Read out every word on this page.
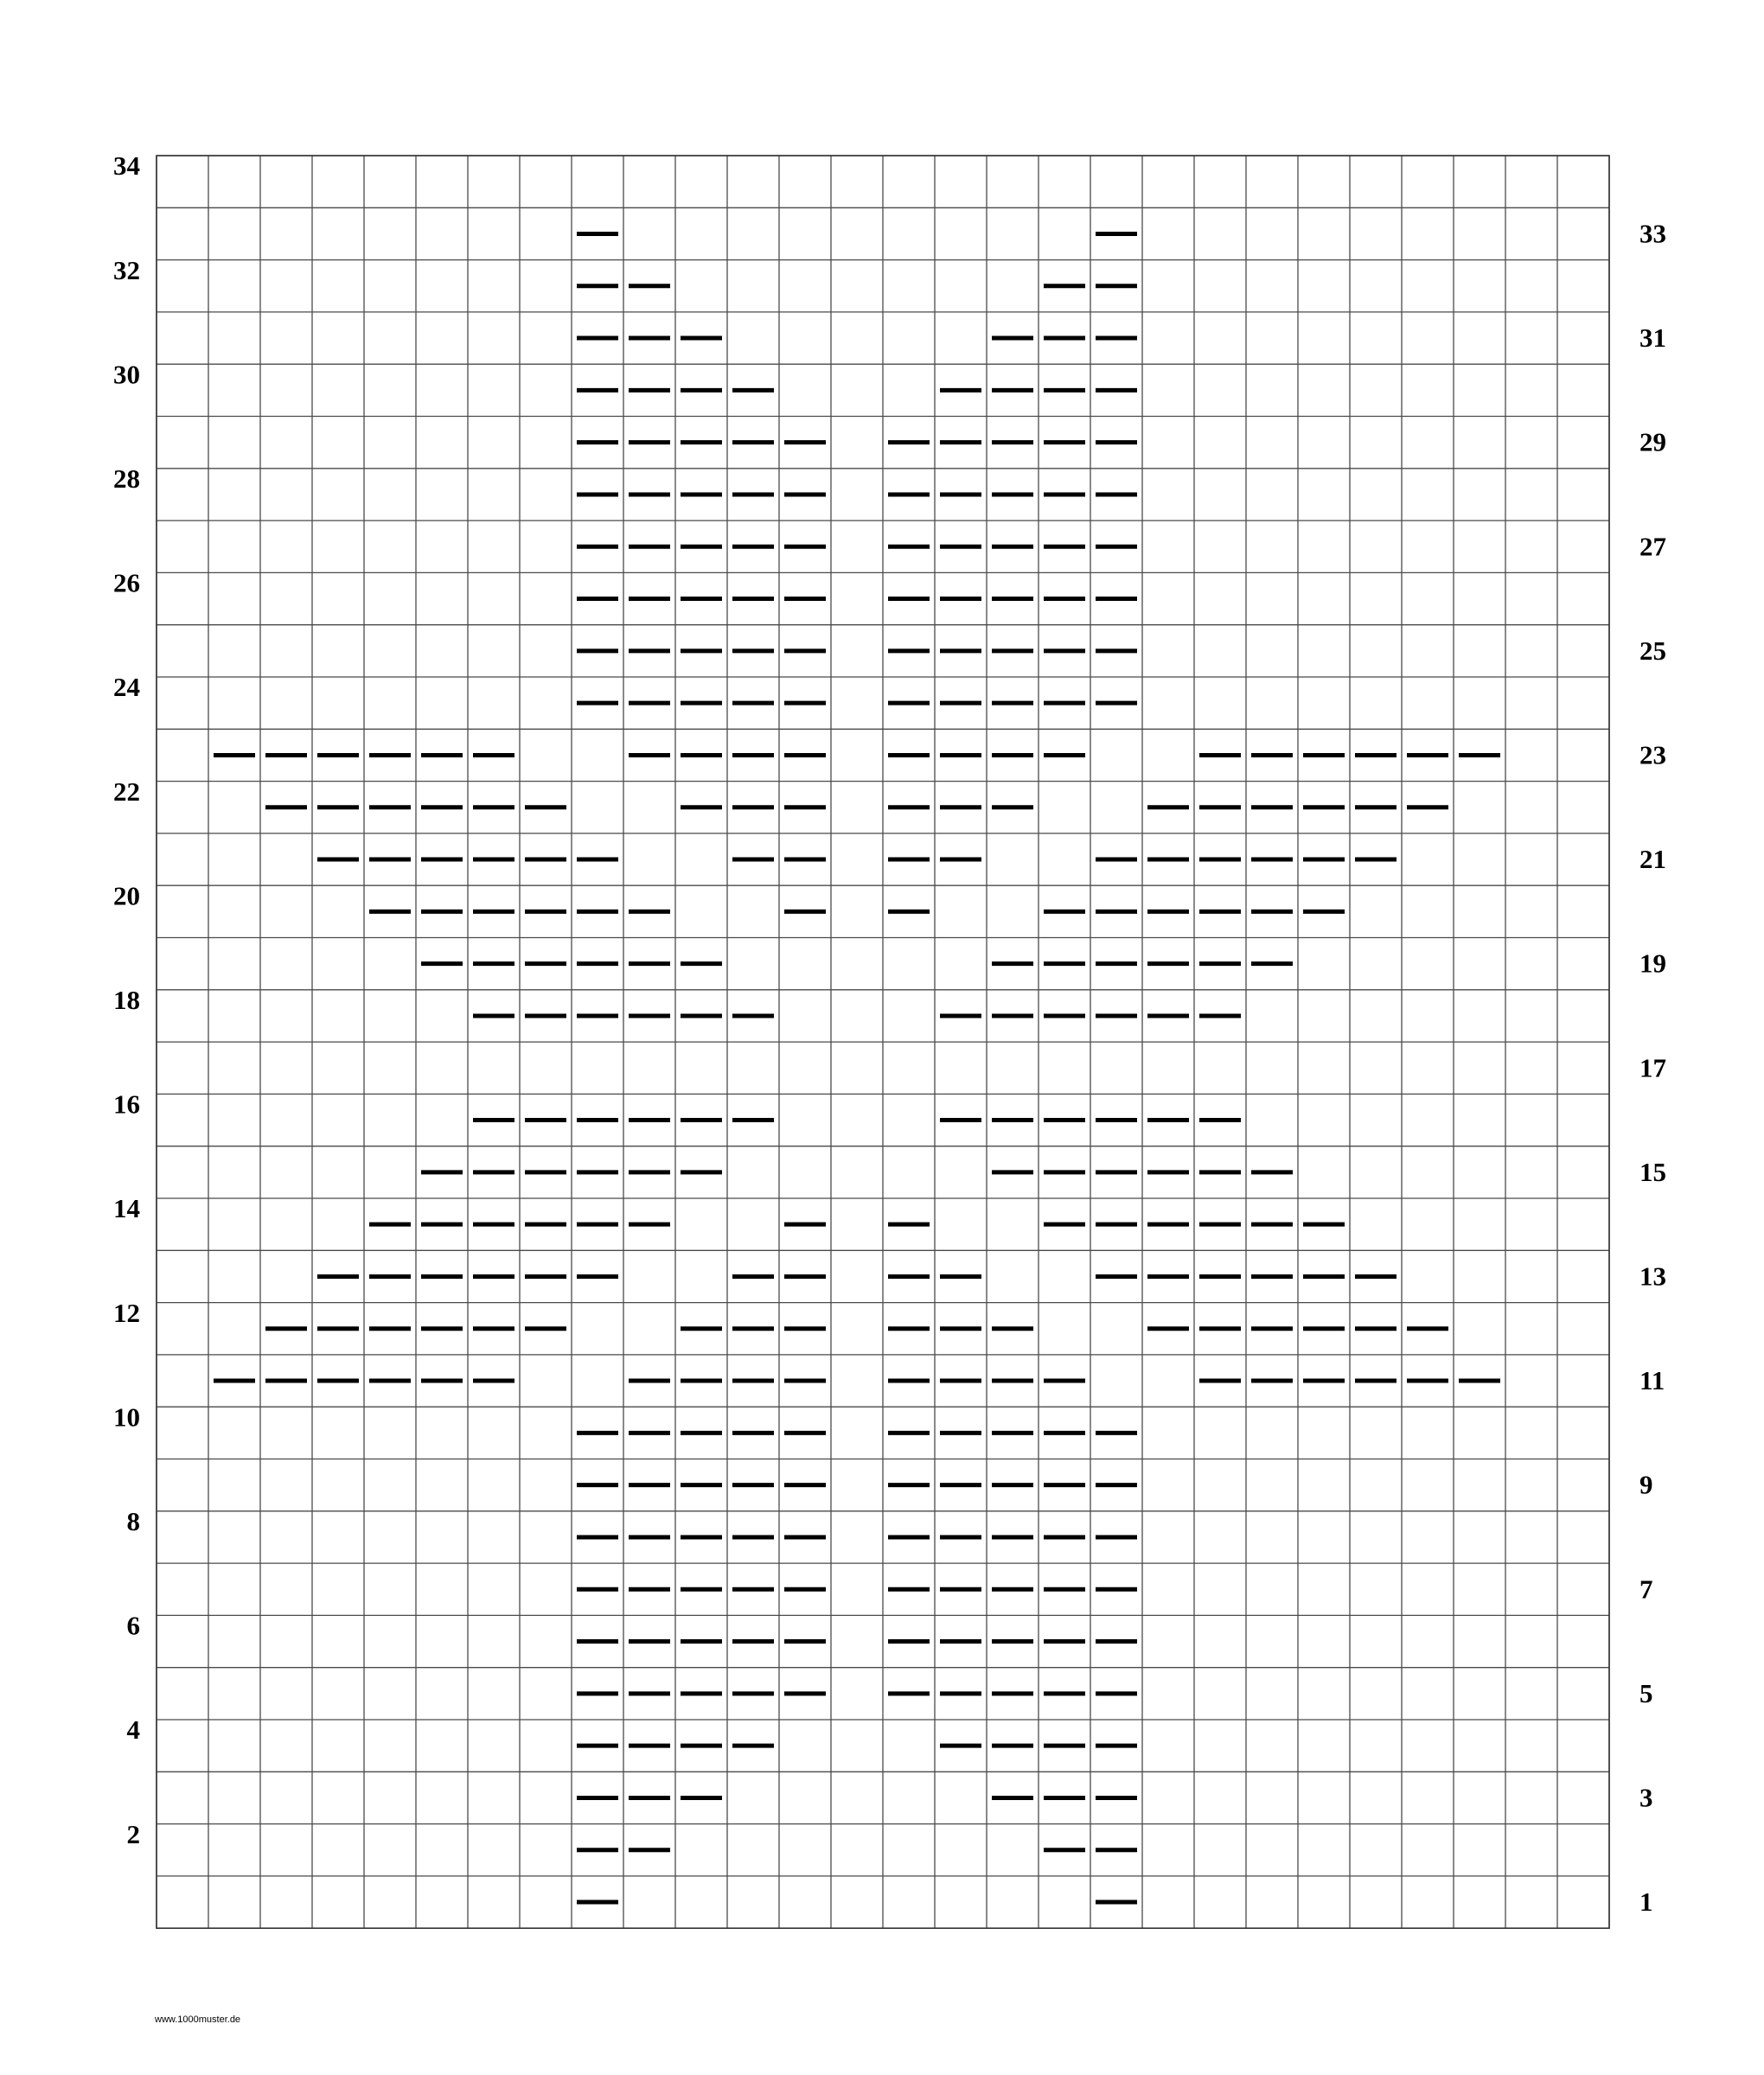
34
32
30
28
26
24
22
20
18
16
14
12
10
8
6
4
2
33
31
29
27
25
23
21
19
17
15
13
11
9
7
5
3
1
www.1000muster.de
